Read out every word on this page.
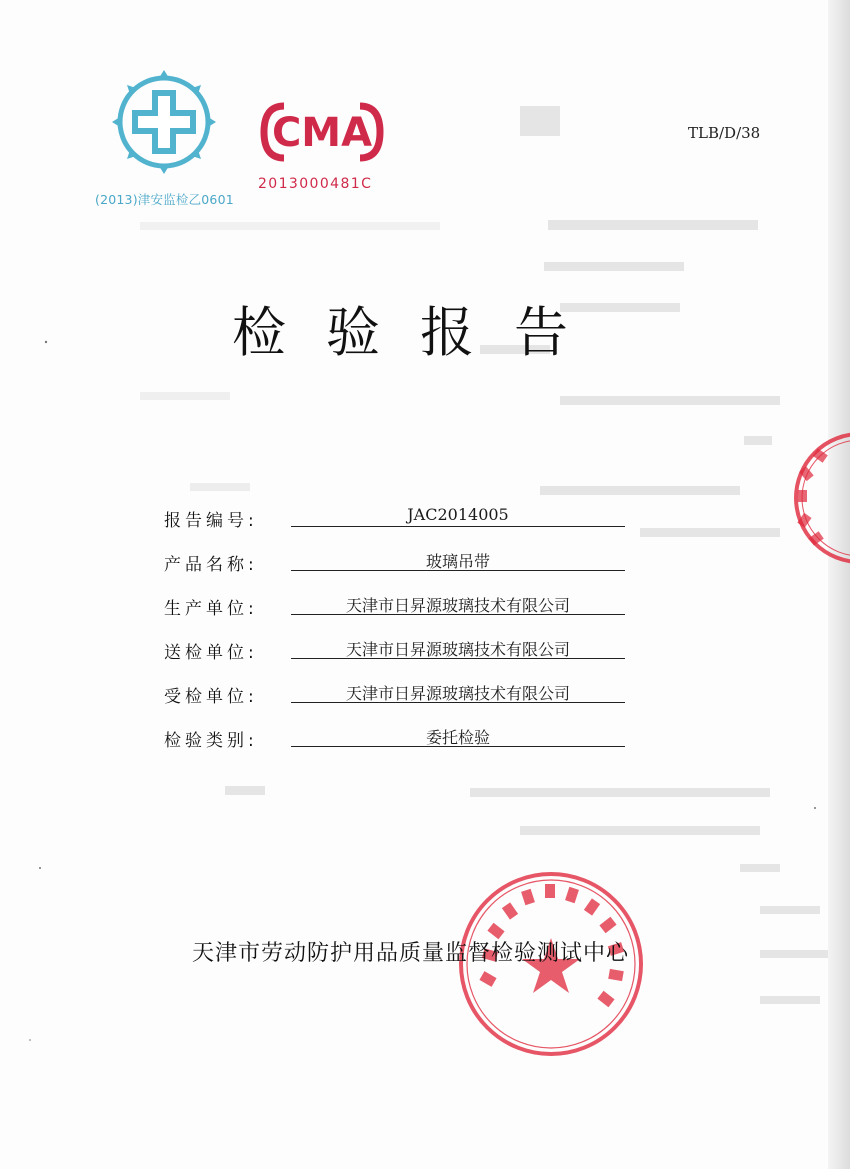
(2013)津安监检乙0601
CMA
2013000481C
TLB/D/38
检验报告
报告编号:	JAC2014005
产品名称:	玻璃吊带
生产单位:	天津市日昇源玻璃技术有限公司
送检单位:	天津市日昇源玻璃技术有限公司
受检单位:	天津市日昇源玻璃技术有限公司
检验类别:	委托检验
天津市劳动防护用品质量监督检验测试中心
